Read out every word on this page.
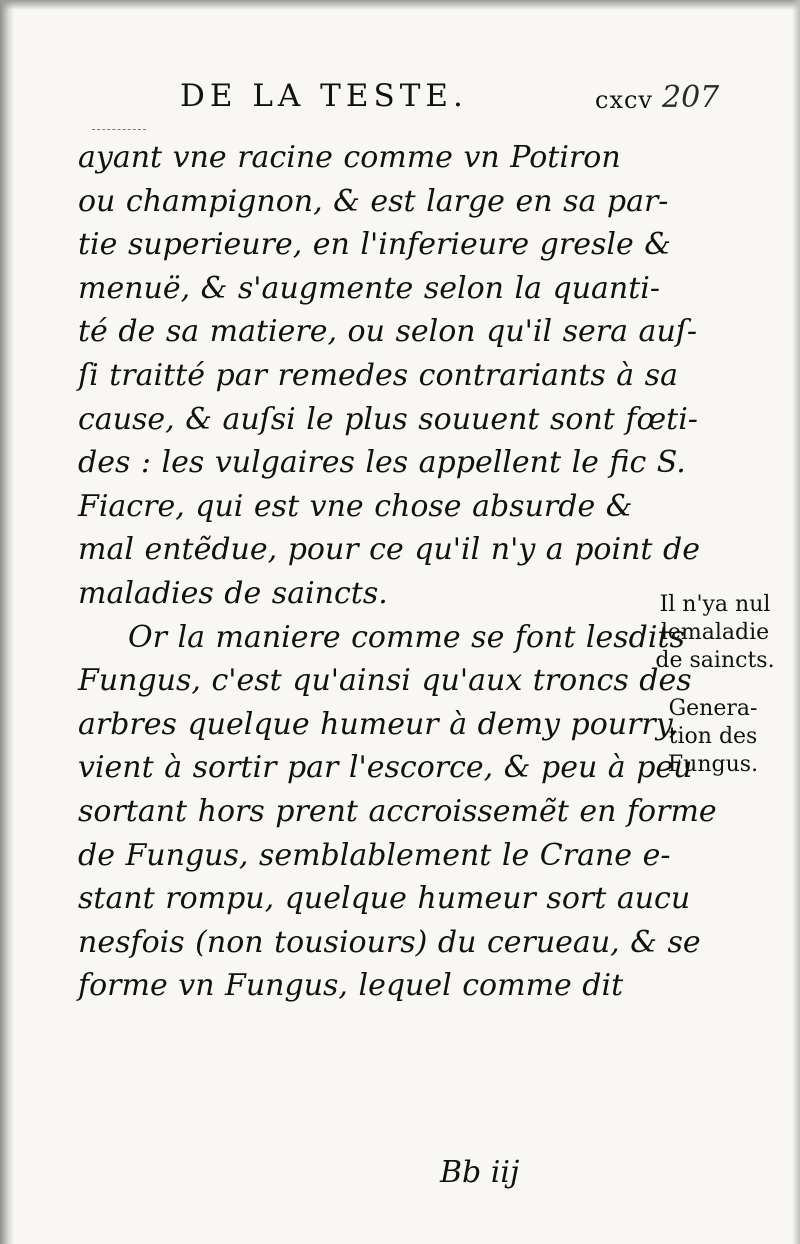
DE LA TESTE.	cxcv 207
ayant vne racine comme vn Potiron
ou champignon, & est large en sa par-
tie superieure, en l'inferieure gresle &
menuë, & s'augmente selon la quanti-
té de sa matiere, ou selon qu'il sera auſ-
ſi traitté par remedes contrariants à sa
cause, & auſsi le plus souuent sont fœti-
des : les vulgaires les appellent le fic S.
Fiacre, qui est vne chose absurde &
mal entẽdue, pour ce qu'il n'y a point de
maladies de saincts.
Or la maniere comme se font lesdits
Fungus, c'est qu'ainsi qu'aux troncs des
arbres quelque humeur à demy pourry,
vient à sortir par l'escorce, & peu à peu
sortant hors prent accroissemẽt en forme
de Fungus, semblablement le Crane e-
stant rompu, quelque humeur sort aucu
nesfois (non tousiours) du cerueau, & se
forme vn Fungus, lequel comme dit
Il n'ya nul
lemaladie
de saincts.
Genera-
tion des
Fungus.
Bb iij
